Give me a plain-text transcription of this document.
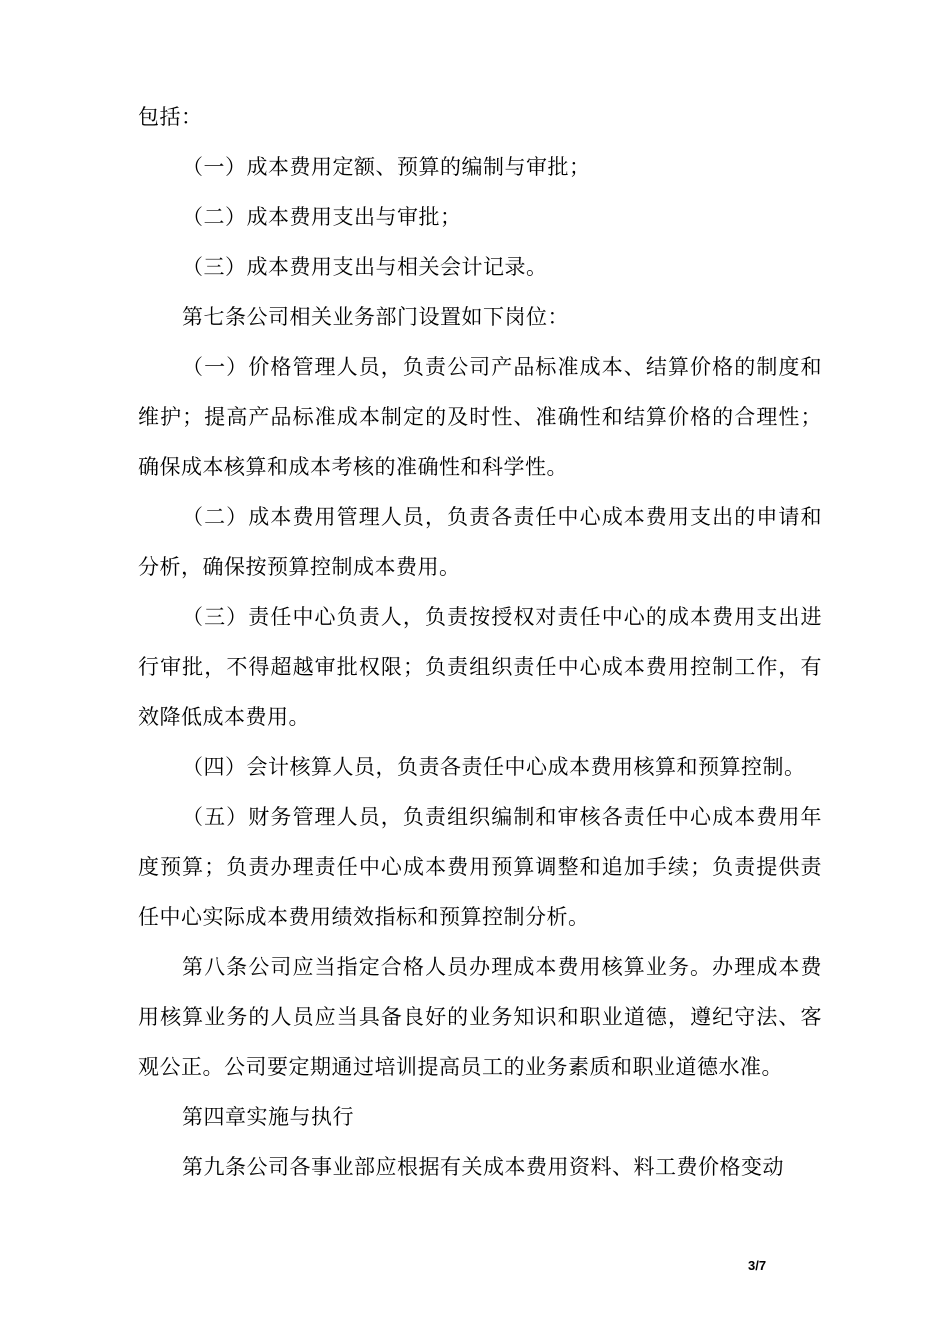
包括：

（一）成本费用定额、预算的编制与审批；

（二）成本费用支出与审批；

（三）成本费用支出与相关会计记录。

第七条公司相关业务部门设置如下岗位：

（一）价格管理人员，负责公司产品标准成本、结算价格的制度和维护；提高产品标准成本制定的及时性、准确性和结算价格的合理性；确保成本核算和成本考核的准确性和科学性。

（二）成本费用管理人员，负责各责任中心成本费用支出的申请和分析，确保按预算控制成本费用。

（三）责任中心负责人，负责按授权对责任中心的成本费用支出进行审批，不得超越审批权限；负责组织责任中心成本费用控制工作，有效降低成本费用。

（四）会计核算人员，负责各责任中心成本费用核算和预算控制。

（五）财务管理人员，负责组织编制和审核各责任中心成本费用年度预算；负责办理责任中心成本费用预算调整和追加手续；负责提供责任中心实际成本费用绩效指标和预算控制分析。

第八条公司应当指定合格人员办理成本费用核算业务。办理成本费用核算业务的人员应当具备良好的业务知识和职业道德，遵纪守法、客观公正。公司要定期通过培训提高员工的业务素质和职业道德水准。

第四章实施与执行

第九条公司各事业部应根据有关成本费用资料、料工费价格变动

3/7
